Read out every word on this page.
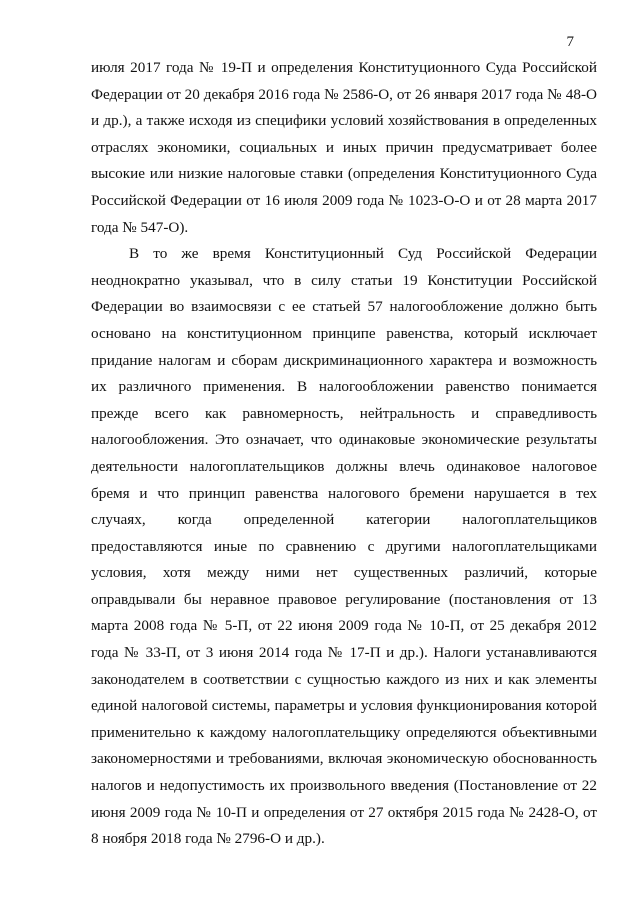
7
июля 2017 года № 19-П и определения Конституционного Суда Российской
Федерации от 20 декабря 2016 года № 2586-О, от 26 января 2017 года № 48-О
и др.), а также исходя из специфики условий хозяйствования в определенных
отраслях экономики, социальных и иных причин предусматривает более
высокие или низкие налоговые ставки (определения Конституционного Суда
Российской Федерации от 16 июля 2009 года № 1023-О-О и от 28 марта 2017
года № 547-О).
В то же время Конституционный Суд Российской Федерации
неоднократно указывал, что в силу статьи 19 Конституции Российской
Федерации во взаимосвязи с ее статьей 57 налогообложение должно быть
основано на конституционном принципе равенства, который исключает
придание налогам и сборам дискриминационного характера и возможность
их различного применения. В налогообложении равенство понимается
прежде всего как равномерность, нейтральность и справедливость
налогообложения. Это означает, что одинаковые экономические результаты
деятельности налогоплательщиков должны влечь одинаковое налоговое
бремя и что принцип равенства налогового бремени нарушается в тех
случаях, когда определенной категории налогоплательщиков
предоставляются иные по сравнению с другими налогоплательщиками
условия, хотя между ними нет существенных различий, которые
оправдывали бы неравное правовое регулирование (постановления от 13
марта 2008 года № 5-П, от 22 июня 2009 года № 10-П, от 25 декабря 2012
года № 33-П, от 3 июня 2014 года № 17-П и др.). Налоги устанавливаются
законодателем в соответствии с сущностью каждого из них и как элементы
единой налоговой системы, параметры и условия функционирования которой
применительно к каждому налогоплательщику определяются объективными
закономерностями и требованиями, включая экономическую обоснованность
налогов и недопустимость их произвольного введения (Постановление от 22
июня 2009 года № 10-П и определения от 27 октября 2015 года № 2428-О, от
8 ноября 2018 года № 2796-О и др.).
